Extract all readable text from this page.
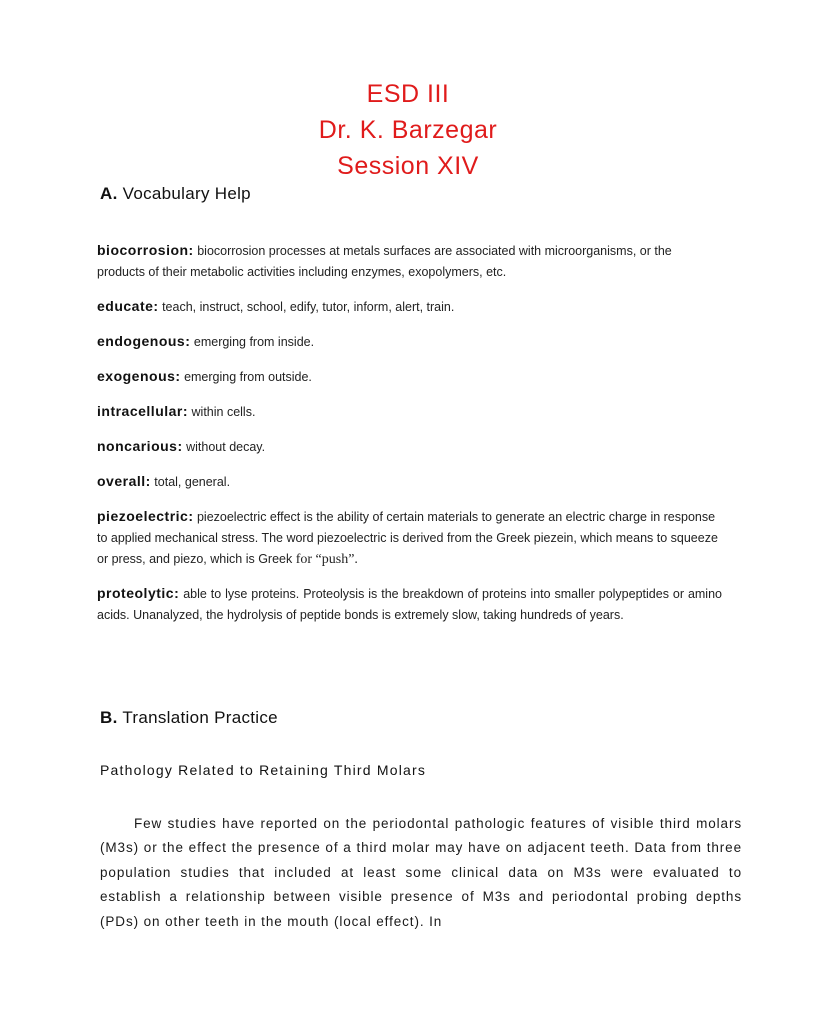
ESD III
Dr. K. Barzegar
Session XIV
A. Vocabulary Help

biocorrosion: biocorrosion processes at metals surfaces are associated with microorganisms, or the products of their metabolic activities including enzymes, exopolymers, etc.

educate: teach, instruct, school, edify, tutor, inform, alert, train.

endogenous: emerging from inside.

exogenous: emerging from outside.

intracellular: within cells.

noncarious: without decay.

overall: total, general.

piezoelectric: piezoelectric effect is the ability of certain materials to generate an electric charge in response to applied mechanical stress. The word piezoelectric is derived from the Greek piezein, which means to squeeze or press, and piezo, which is Greek for “push”.

proteolytic: able to lyse proteins. Proteolysis is the breakdown of proteins into smaller polypeptides or amino acids. Unanalyzed, the hydrolysis of peptide bonds is extremely slow, taking hundreds of years.

B. Translation Practice
Pathology Related to Retaining Third Molars

Few studies have reported on the periodontal pathologic features of visible third molars (M3s) or the effect the presence of a third molar may have on adjacent teeth. Data from three population studies that included at least some clinical data on M3s were evaluated to establish a relationship between visible presence of M3s and periodontal probing depths (PDs) on other teeth in the mouth (local effect). In
